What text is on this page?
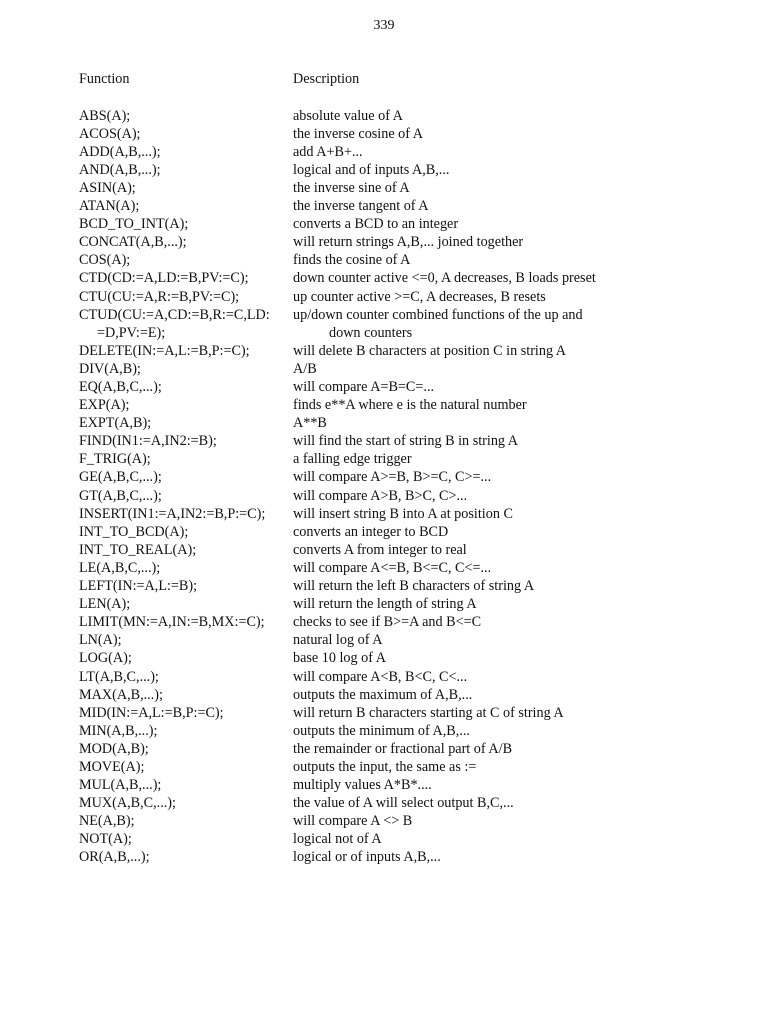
339
Function	Description
ABS(A);	absolute value of A
ACOS(A);	the inverse cosine of A
ADD(A,B,...);	add A+B+...
AND(A,B,...);	logical and of inputs A,B,...
ASIN(A);	the inverse sine of A
ATAN(A);	the inverse tangent of A
BCD_TO_INT(A);	converts a BCD to an integer
CONCAT(A,B,...);	will return strings A,B,... joined together
COS(A);	finds the cosine of A
CTD(CD:=A,LD:=B,PV:=C);	down counter active <=0, A decreases, B loads preset
CTU(CU:=A,R:=B,PV:=C);	up counter active >=C, A decreases, B resets
CTUD(CU:=A,CD:=B,R:=C,LD:	up/down counter combined functions of the up and
=D,PV:=E);	down counters
DELETE(IN:=A,L:=B,P:=C);	will delete B characters at position C in string A
DIV(A,B);	A/B
EQ(A,B,C,...);	will compare A=B=C=...
EXP(A);	finds e**A where e is the natural number
EXPT(A,B);	A**B
FIND(IN1:=A,IN2:=B);	will find the start of string B in string A
F_TRIG(A);	a falling edge trigger
GE(A,B,C,...);	will compare A>=B, B>=C, C>=...
GT(A,B,C,...);	will compare A>B, B>C, C>...
INSERT(IN1:=A,IN2:=B,P:=C);	will insert string B into A at position C
INT_TO_BCD(A);	converts an integer to BCD
INT_TO_REAL(A);	converts A from integer to real
LE(A,B,C,...);	will compare A<=B, B<=C, C<=...
LEFT(IN:=A,L:=B);	will return the left B characters of string A
LEN(A);	will return the length of string A
LIMIT(MN:=A,IN:=B,MX:=C);	checks to see if B>=A and B<=C
LN(A);	natural log of A
LOG(A);	base 10 log of A
LT(A,B,C,...);	will compare A<B, B<C, C<...
MAX(A,B,...);	outputs the maximum of A,B,...
MID(IN:=A,L:=B,P:=C);	will return B characters starting at C of string A
MIN(A,B,...);	outputs the minimum of A,B,...
MOD(A,B);	the remainder or fractional part of A/B
MOVE(A);	outputs the input, the same as :=
MUL(A,B,...);	multiply values A*B*....
MUX(A,B,C,...);	the value of A will select output B,C,...
NE(A,B);	will compare A <> B
NOT(A);	logical not of A
OR(A,B,...);	logical or of inputs A,B,...
